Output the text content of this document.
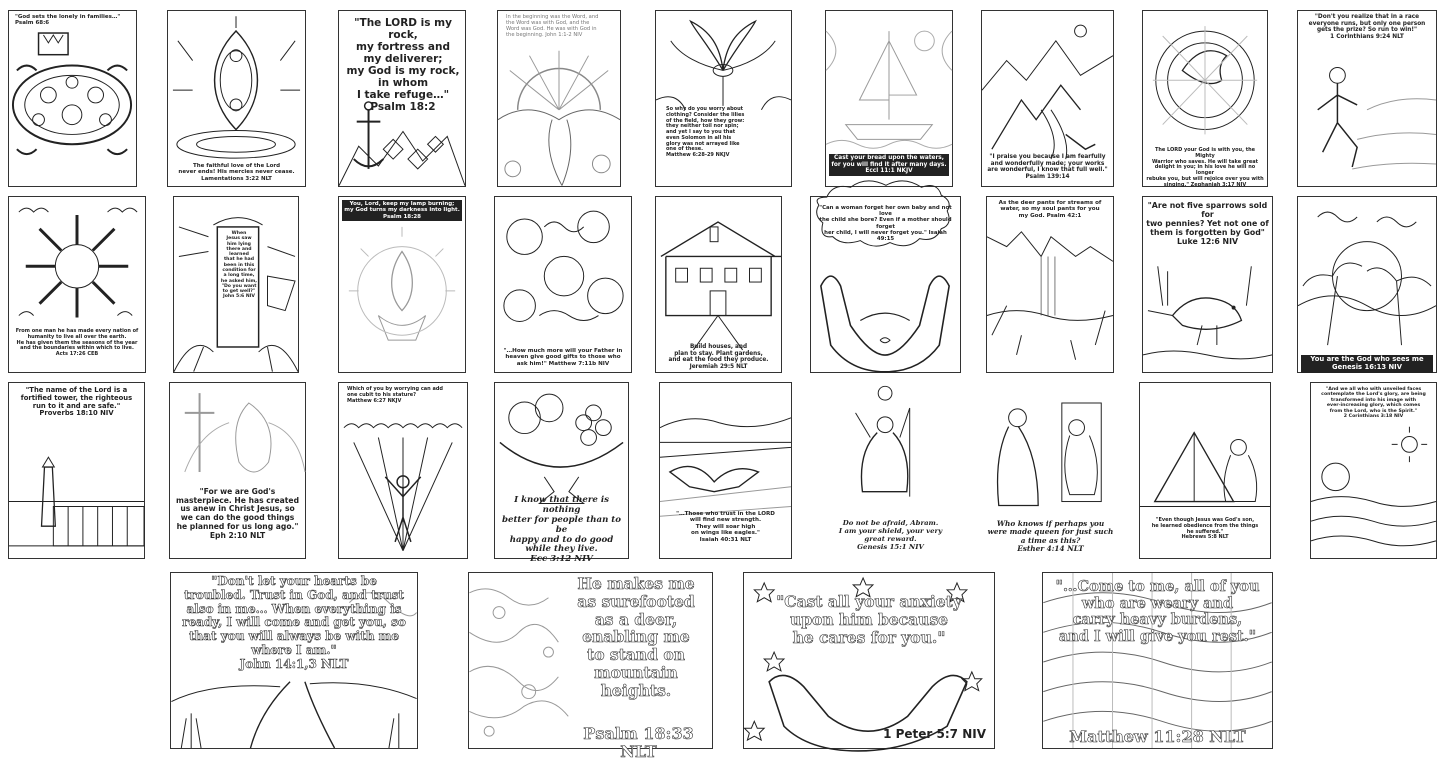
"God sets the lonely in families…"
Psalm 68:6
The faithful love of the Lord
never ends! His mercies never cease.
Lamentations 3:22 NLT
"The LORD is my rock,
my fortress and
my deliverer;
my God is my rock,
in whom
I take refuge…"
Psalm 18:2
In the beginning was the Word, and
the Word was with God, and the
Word was God. He was with God in
the beginning. John 1:1-2 NIV
So why do you worry about
clothing? Consider the lilies
of the field, how they grow:
they neither toil nor spin;
and yet I say to you that
even Solomon in all his
glory was not arrayed like
one of these.
Matthew 6:28-29 NKJV	Cast your bread upon the waters,
for you will find it after many days.
Eccl 11:1 NKJV
"I praise you because I am fearfully
and wonderfully made; your works
are wonderful, I know that full well."
Psalm 139:14
The LORD your God is with you, the Mighty
Warrior who saves. He will take great
delight in you; in his love he will no longer
rebuke you, but will rejoice over you with
singing." Zephaniah 3:17 NIV
"Don't you realize that in a race
everyone runs, but only one person
gets the prize? So run to win!"
1 Corinthians 9:24 NLT
From one man he has made every nation of
humanity to live all over the earth.
He has given them the seasons of the year
and the boundaries within which to live.
Acts 17:26 CEB
When
Jesus saw
him lying
there and
learned
that he had
been in this
condition for
a long time,
he asked him,
"Do you want
to get well?"
John 5:6 NIV
You, Lord, keep my lamp burning;
my God turns my darkness into light.
Psalm 18:28
"…How much more will your Father in
heaven give good gifts to those who
ask him!" Matthew 7:11b NIV
Build houses, and
plan to stay. Plant gardens,
and eat the food they produce.
Jeremiah 29:5 NLT
"Can a woman forget her own baby and not love
the child she bore? Even if a mother should forget
her child, I will never forget you." Isaiah 49:15
As the deer pants for streams of
water, so my soul pants for you
my God. Psalm 42:1
"Are not five sparrows sold for
two pennies? Yet not one of
them is forgotten by God"
Luke 12:6 NIV
You are the God who sees me
Genesis 16:13 NIV
"The name of the Lord is a
fortified tower, the righteous
run to it and are safe."
Proverbs 18:10 NIV
"For we are God's
masterpiece. He has created
us anew in Christ Jesus, so
we can do the good things
he planned for us long ago."
Eph 2:10 NLT
Which of you by worrying can add
one cubit to his stature?
Matthew 6:27 NKJV
I know that there is nothing
better for people than to be
happy and to do good
while they live.
Ecc 3:12 NIV
"…Those who trust in the LORD
will find new strength.
They will soar high
on wings like eagles."
Isaiah 40:31 NLT
Do not be afraid, Abram.
I am your shield, your very
great reward.
Genesis 15:1 NIV
Who knows if perhaps you
were made queen for just such
a time as this?
Esther 4:14 NLT
"Even though Jesus was God's son,
he learned obedience from the things
he suffered."
Hebrews 5:8 NLT
"And we all who with unveiled faces
contemplate the Lord's glory, are being
transformed into his image with
ever-increasing glory, which comes
from the Lord, who is the Spirit."
2 Corinthians 3:18 NIV
"Don't let your hearts be
troubled. Trust in God, and trust
also in me… When everything is
ready, I will come and get you, so
that you will always be with me
where I am."
John 14:1,3 NLT
He makes me
as surefooted
as a deer,
enabling me
to stand on
mountain heights.
Psalm 18:33 NLT
"Cast all your anxiety
upon him because
he cares for you."
1 Peter 5:7 NIV
"…Come to me, all of you
who are weary and
carry heavy burdens,
and I will give you rest."
Matthew 11:28 NLT
